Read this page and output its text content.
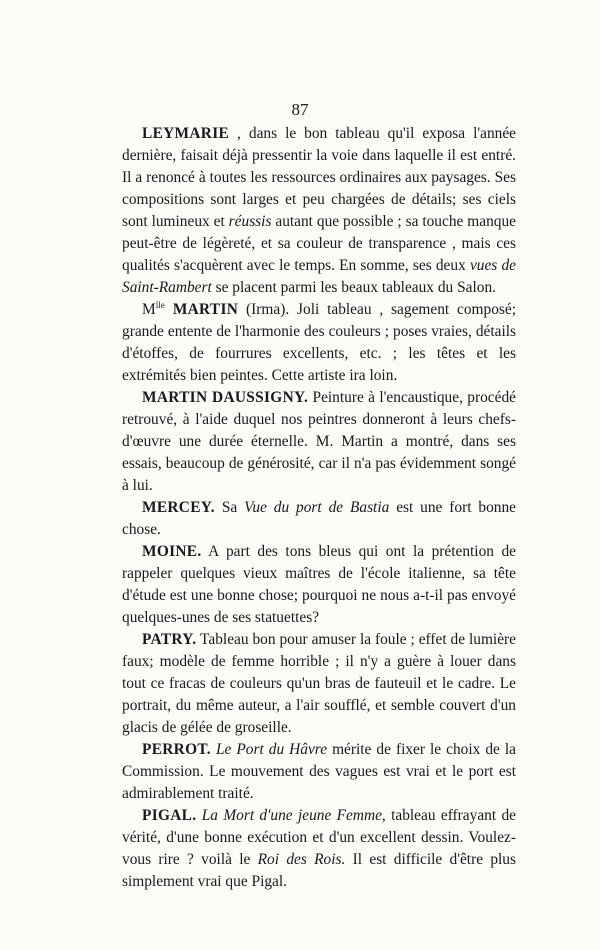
87

LEYMARIE , dans le bon tableau qu'il exposa l'année dernière, faisait déjà pressentir la voie dans laquelle il est entré. Il a renoncé à toutes les ressources ordinaires aux paysages. Ses compositions sont larges et peu chargées de détails; ses ciels sont lumineux et réussis autant que possible ; sa touche manque peut-être de légèreté, et sa couleur de transparence , mais ces qualités s'acquèrent avec le temps. En somme, ses deux vues de Saint-Rambert se placent parmi les beaux tableaux du Salon.

$M^{lle}$ MARTIN (Irma). Joli tableau , sagement composé; grande entente de l'harmonie des couleurs ; poses vraies, détails d'étoffes, de fourrures excellents, etc. ; les têtes et les extrémités bien peintes. Cette artiste ira loin.

MARTIN DAUSSIGNY. Peinture à l'encaustique, procédé retrouvé, à l'aide duquel nos peintres donneront à leurs chefs-d'œuvre une durée éternelle. M. Martin a montré, dans ses essais, beaucoup de générosité, car il n'a pas évidemment songé à lui.

MERCEY. Sa Vue du port de Bastia est une fort bonne chose.

MOINE. A part des tons bleus qui ont la prétention de rappeler quelques vieux maîtres de l'école italienne, sa tête d'étude est une bonne chose; pourquoi ne nous a-t-il pas envoyé quelques-unes de ses statuettes?

PATRY. Tableau bon pour amuser la foule ; effet de lumière faux; modèle de femme horrible ; il n'y a guère à louer dans tout ce fracas de couleurs qu'un bras de fauteuil et le cadre. Le portrait, du même auteur, a l'air soufflé, et semble couvert d'un glacis de gélée de groseille.

PERROT. Le Port du Hâvre mérite de fixer le choix de la Commission. Le mouvement des vagues est vrai et le port est admirablement traité.

PIGAL. La Mort d'une jeune Femme, tableau effrayant de vérité, d'une bonne exécution et d'un excellent dessin. Voulez-vous rire ? voilà le Roi des Rois. Il est difficile d'être plus simplement vrai que Pigal.
